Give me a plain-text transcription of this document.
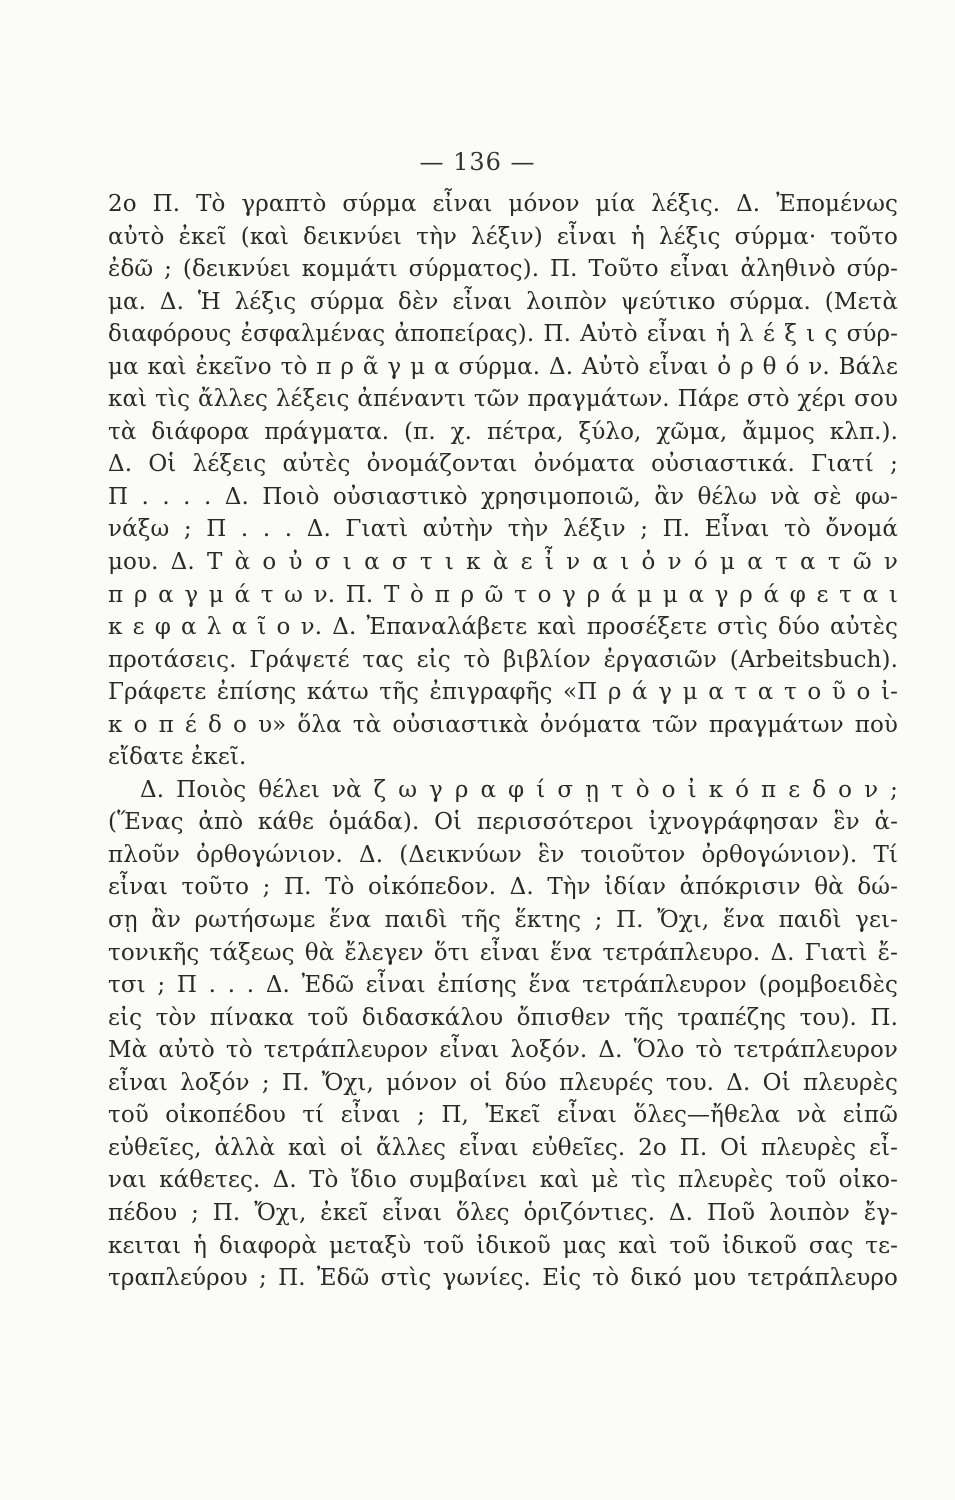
— 136 —
2ο Π. Τὸ γραπτὸ σύρμα εἶναι μόνον μία λέξις. Δ. Ἐπομένως
αὐτὸ ἐκεῖ (καὶ δεικνύει τὴν λέξιν) εἶναι ἡ λέξις σύρμα· τοῦτο
ἐδῶ ; (δεικνύει κομμάτι σύρματος). Π. Τοῦτο εἶναι ἀληθινὸ σύρ-
μα. Δ. Ἡ λέξις σύρμα δὲν εἶναι λοιπὸν ψεύτικο σύρμα. (Μετὰ
διαφόρους ἐσφαλμένας ἀποπείρας). Π. Αὐτὸ εἶναι ἡ λ έ ξ ι ς σύρ-
μα καὶ ἐκεῖνο τὸ π ρ ᾶ γ μ α σύρμα. Δ. Αὐτὸ εἶναι ὀ ρ θ ό ν. Βάλε
καὶ τὶς ἄλλες λέξεις ἀπέναντι τῶν πραγμάτων. Πάρε στὸ χέρι σου
τὰ διάφορα πράγματα. (π. χ. πέτρα, ξύλο, χῶμα, ἄμμος κλπ.).
Δ. Οἱ λέξεις αὐτὲς ὀνομάζονται ὀνόματα οὐσιαστικά. Γιατί ;
Π . . . . Δ. Ποιὸ οὐσιαστικὸ χρησιμοποιῶ, ἂν θέλω νὰ σὲ φω-
νάξω ; Π . . . Δ. Γιατὶ αὐτὴν τὴν λέξιν ; Π. Εἶναι τὸ ὄνομά
μου. Δ. Τ ὰ ο ὐ σ ι α σ τ ι κ ὰ ε ἶ ν α ι ὀ ν ό μ α τ α τ ῶ ν
π ρ α γ μ ά τ ω ν. Π. Τ ὸ π ρ ῶ τ ο γ ρ ά μ μ α γ ρ ά φ ε τ α ι
κ ε φ α λ α ῖ ο ν. Δ. Ἐπαναλάβετε καὶ προσέξετε στὶς δύο αὐτὲς
προτάσεις. Γράψετέ τας εἰς τὸ βιβλίον ἐργασιῶν (Arbeitsbuch).
Γράφετε ἐπίσης κάτω τῆς ἐπιγραφῆς «Π ρ ά γ μ α τ α τ ο ῦ ο ἰ-
κ ο π έ δ ο υ» ὅλα τὰ οὐσιαστικὰ ὀνόματα τῶν πραγμάτων ποὺ
εἴδατε ἐκεῖ.
Δ. Ποιὸς θέλει νὰ ζ ω γ ρ α φ ί σ ῃ τ ὸ ο ἰ κ ό π ε δ ο ν ;
(Ἕνας ἀπὸ κάθε ὁμάδα). Οἱ περισσότεροι ἰχνογράφησαν ἓν ἁ-
πλοῦν ὀρθογώνιον. Δ. (Δεικνύων ἓν τοιοῦτον ὀρθογώνιον). Τί
εἶναι τοῦτο ; Π. Τὸ οἰκόπεδον. Δ. Τὴν ἰδίαν ἀπόκρισιν θὰ δώ-
σῃ ἂν ρωτήσωμε ἕνα παιδὶ τῆς ἕκτης ; Π. Ὄχι, ἕνα παιδὶ γει-
τονικῆς τάξεως θὰ ἔλεγεν ὅτι εἶναι ἕνα τετράπλευρο. Δ. Γιατὶ ἔ-
τσι ; Π . . . Δ. Ἐδῶ εἶναι ἐπίσης ἕνα τετράπλευρον (ρομβοειδὲς
εἰς τὸν πίνακα τοῦ διδασκάλου ὄπισθεν τῆς τραπέζης του). Π.
Μὰ αὐτὸ τὸ τετράπλευρον εἶναι λοξόν. Δ. Ὅλο τὸ τετράπλευρον
εἶναι λοξόν ; Π. Ὄχι, μόνον οἱ δύο πλευρές του. Δ. Οἱ πλευρὲς
τοῦ οἰκοπέδου τί εἶναι ; Π, Ἐκεῖ εἶναι ὅλες—ἤθελα νὰ εἰπῶ
εὐθεῖες, ἀλλὰ καὶ οἱ ἄλλες εἶναι εὐθεῖες. 2ο Π. Οἱ πλευρὲς εἶ-
ναι κάθετες. Δ. Τὸ ἴδιο συμβαίνει καὶ μὲ τὶς πλευρὲς τοῦ οἰκο-
πέδου ; Π. Ὄχι, ἐκεῖ εἶναι ὅλες ὁριζόντιες. Δ. Ποῦ λοιπὸν ἔγ-
κειται ἡ διαφορὰ μεταξὺ τοῦ ἰδικοῦ μας καὶ τοῦ ἰδικοῦ σας τε-
τραπλεύρου ; Π. Ἐδῶ στὶς γωνίες. Εἰς τὸ δικό μου τετράπλευρο
